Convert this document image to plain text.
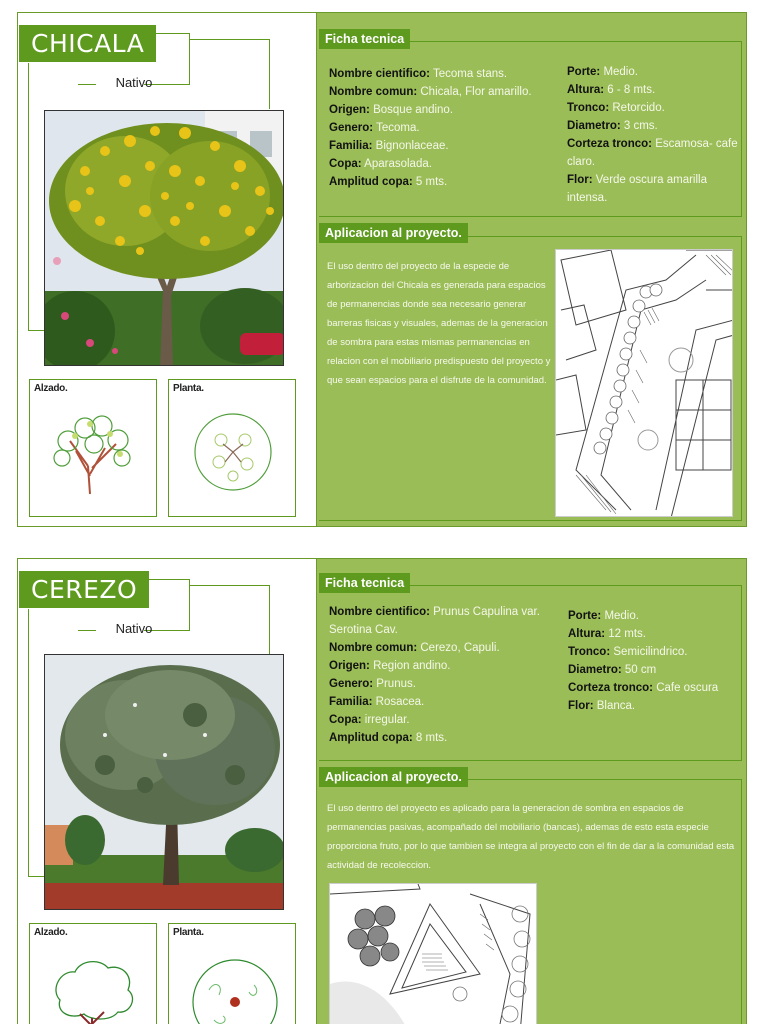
CHICALA
Nativo
Alzado.	Planta.
Ficha tecnica
Nombre cientifico: Tecoma stans.
Nombre comun: Chicala, Flor amarillo.
Origen: Bosque andino.
Genero: Tecoma.
Familia: Bignonlaceae.
Copa: Aparasolada.
Amplitud copa: 5 mts.
Porte: Medio.
Altura: 6 - 8 mts.
Tronco: Retorcido.
Diametro: 3 cms.
Corteza tronco: Escamosa- cafe claro.
Flor: Verde oscura amarilla intensa.
Aplicacion al proyecto.
El uso dentro del proyecto de la especie de arborizacion del Chicala es generada para espacios de permanencias donde sea necesario generar barreras fisicas y visuales, ademas de la generacion de sombra para estas mismas permanencias en relacion con el mobiliario predispuesto del proyecto y que sean espacios para el disfrute de la comunidad.
CEREZO
Nativo
Alzado.	Planta.
Ficha tecnica
Nombre cientifico: Prunus Capulina var. Serotina Cav.
Nombre comun: Cerezo, Capuli.
Origen: Region andino.
Genero: Prunus.
Familia: Rosacea.
Copa: irregular.
Amplitud copa: 8 mts.
Porte: Medio.
Altura: 12 mts.
Tronco: Semicilindrico.
Diametro: 50 cm
Corteza tronco: Cafe oscura
Flor: Blanca.
Aplicacion al proyecto.
El uso dentro del proyecto es aplicado para la generacion de sombra en espacios de permanencias pasivas, acompañado del mobiliario (bancas), ademas de esto esta especie proporciona fruto, por lo que tambien se integra al proyecto con el fin de dar a la comunidad esta actividad de recoleccion.
